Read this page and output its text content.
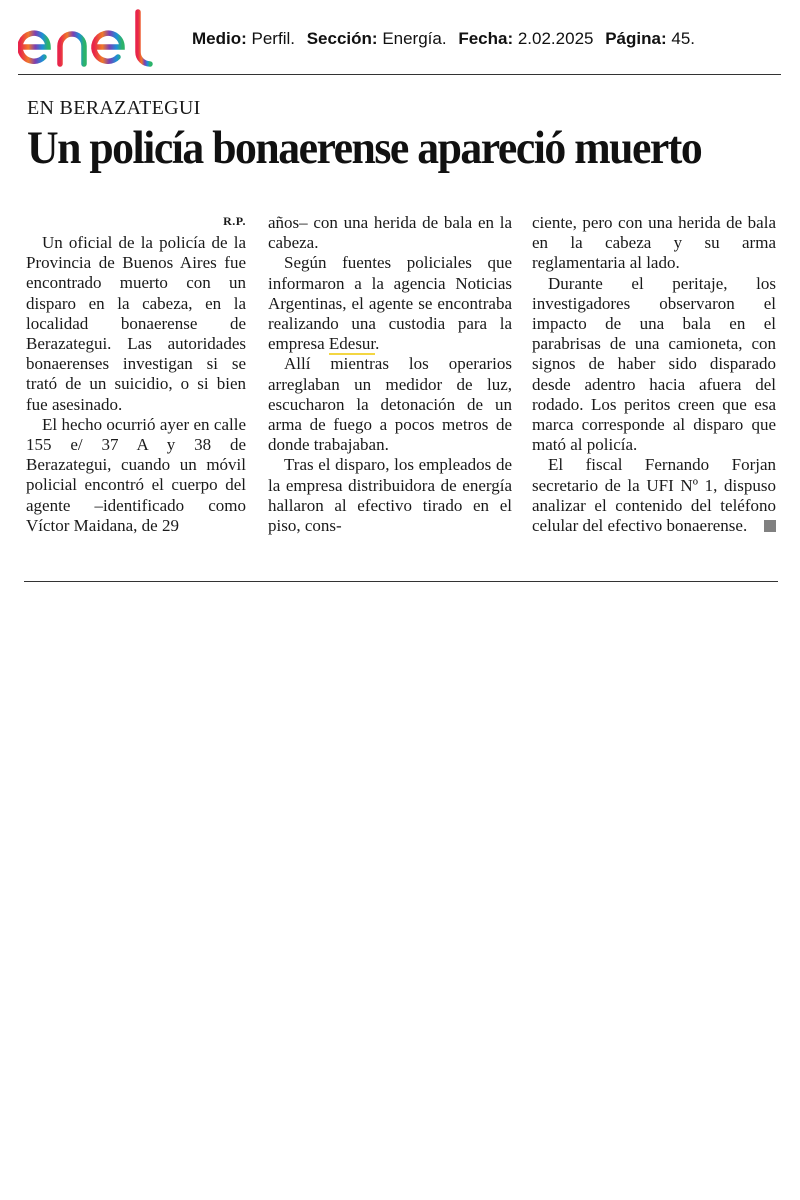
Medio: Perfil. Sección: Energía. Fecha: 2.02.2025 Página: 45.
EN BERAZATEGUI
Un policía bonaerense apareció muerto
R.P.

Un oficial de la policía de la Provincia de Buenos Aires fue encontrado muerto con un disparo en la cabeza, en la localidad bonaerense de Berazategui. Las autoridades bonaerenses investigan si se trató de un suicidio, o si bien fue asesinado.

El hecho ocurrió ayer en calle 155 e/ 37 A y 38 de Berazategui, cuando un móvil policial encontró el cuerpo del agente –identificado como Víctor Maidana, de 29

años– con una herida de bala en la cabeza.

Según fuentes policiales que informaron a la agencia Noticias Argentinas, el agente se encontraba realizando una custodia para la empresa Edesur.

Allí mientras los operarios arreglaban un medidor de luz, escucharon la detonación de un arma de fuego a pocos metros de donde trabajaban.

Tras el disparo, los empleados de la empresa distribuidora de energía hallaron al efectivo tirado en el piso, cons-

ciente, pero con una herida de bala en la cabeza y su arma reglamentaria al lado.

Durante el peritaje, los investigadores observaron el impacto de una bala en el parabrisas de una camioneta, con signos de haber sido disparado desde adentro hacia afuera del rodado. Los peritos creen que esa marca corresponde al disparo que mató al policía.

El fiscal Fernando Forjan secretario de la UFI Nº 1, dispuso analizar el contenido del teléfono celular del efectivo bonaerense.
